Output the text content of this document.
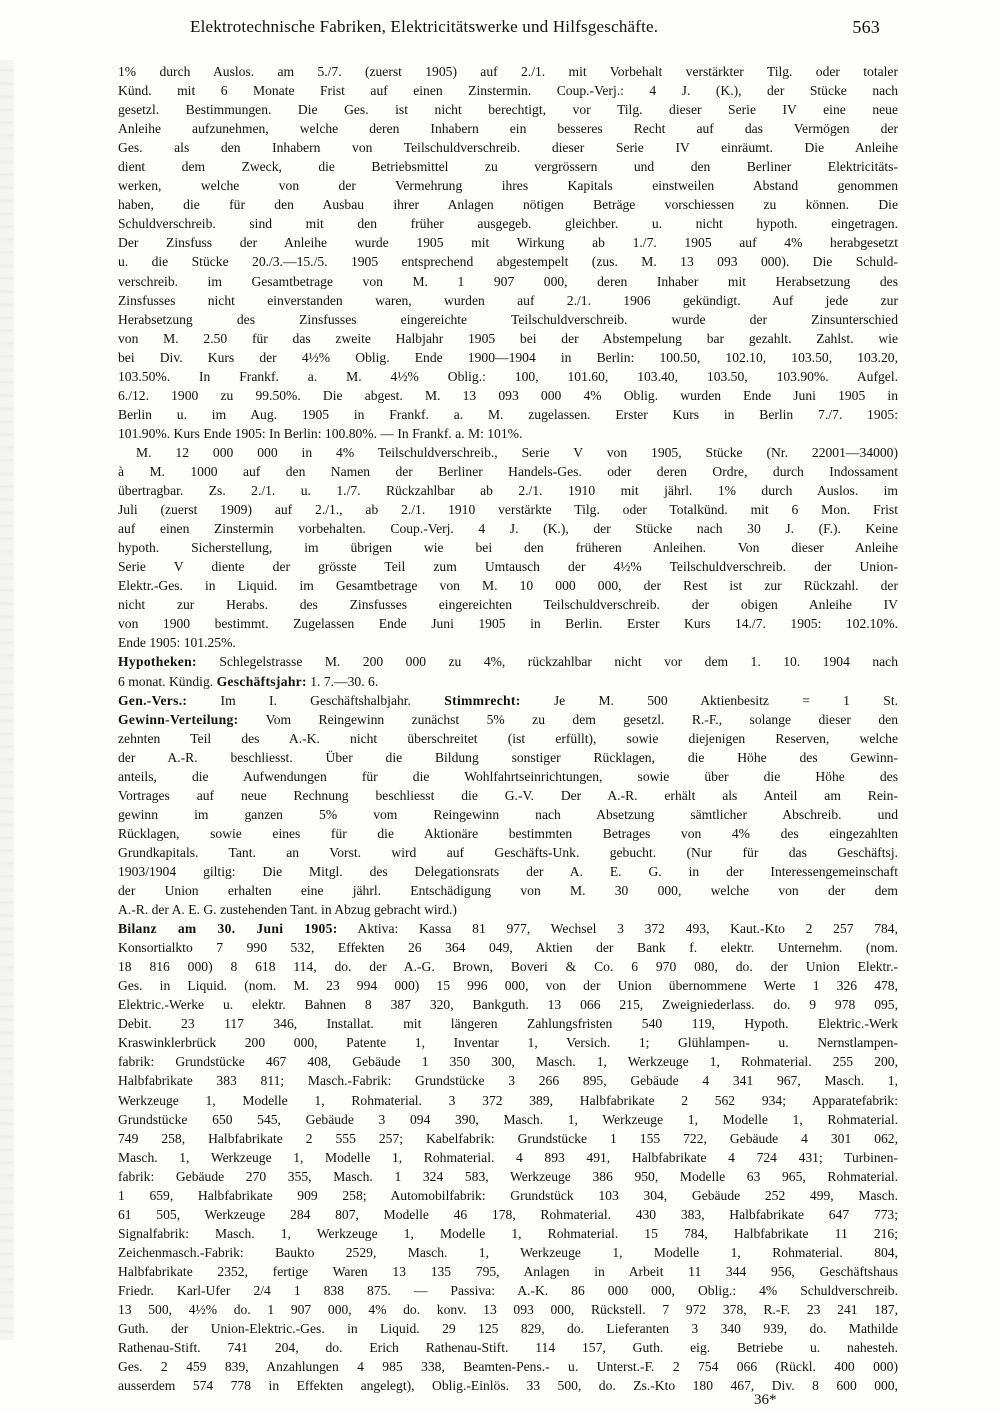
Elektrotechnische Fabriken, Elektricitätswerke und Hilfsgeschäfte.	563

1% durch Auslos. am 5./7. (zuerst 1905) auf 2./1. mit Vorbehalt verstärkter Tilg. oder totaler

Künd. mit 6 Monate Frist auf einen Zinstermin. Coup.-Verj.: 4 J. (K.), der Stücke nach

gesetzl. Bestimmungen. Die Ges. ist nicht berechtigt, vor Tilg. dieser Serie IV eine neue

Anleihe aufzunehmen, welche deren Inhabern ein besseres Recht auf das Vermögen der

Ges. als den Inhabern von Teilschuldverschreib. dieser Serie IV einräumt. Die Anleihe

dient dem Zweck, die Betriebsmittel zu vergrössern und den Berliner Elektricitäts-

werken, welche von der Vermehrung ihres Kapitals einstweilen Abstand genommen

haben, die für den Ausbau ihrer Anlagen nötigen Beträge vorschiessen zu können. Die

Schuldverschreib. sind mit den früher ausgegeb. gleichber. u. nicht hypoth. eingetragen.

Der Zinsfuss der Anleihe wurde 1905 mit Wirkung ab 1./7. 1905 auf 4% herabgesetzt

u. die Stücke 20./3.—15./5. 1905 entsprechend abgestempelt (zus. M. 13 093 000). Die Schuld-

verschreib. im Gesamtbetrage von M. 1 907 000, deren Inhaber mit Herabsetzung des

Zinsfusses nicht einverstanden waren, wurden auf 2./1. 1906 gekündigt. Auf jede zur

Herabsetzung des Zinsfusses eingereichte Teilschuldverschreib. wurde der Zinsunterschied

von M. 2.50 für das zweite Halbjahr 1905 bei der Abstempelung bar gezahlt. Zahlst. wie

bei Div. Kurs der 4½% Oblig. Ende 1900—1904 in Berlin: 100.50, 102.10, 103.50, 103.20,

103.50%. In Frankf. a. M. 4½% Oblig.: 100, 101.60, 103.40, 103.50, 103.90%. Aufgel.

6./12. 1900 zu 99.50%. Die abgest. M. 13 093 000 4% Oblig. wurden Ende Juni 1905 in

Berlin u. im Aug. 1905 in Frankf. a. M. zugelassen. Erster Kurs in Berlin 7./7. 1905:

101.90%. Kurs Ende 1905: In Berlin: 100.80%. — In Frankf. a. M: 101%.

M. 12 000 000 in 4% Teilschuldverschreib., Serie V von 1905, Stücke (Nr. 22001—34000)

à M. 1000 auf den Namen der Berliner Handels-Ges. oder deren Ordre, durch Indossament

übertragbar. Zs. 2./1. u. 1./7. Rückzahlbar ab 2./1. 1910 mit jährl. 1% durch Auslos. im

Juli (zuerst 1909) auf 2./1., ab 2./1. 1910 verstärkte Tilg. oder Totalkünd. mit 6 Mon. Frist

auf einen Zinstermin vorbehalten. Coup.-Verj. 4 J. (K.), der Stücke nach 30 J. (F.). Keine

hypoth. Sicherstellung, im übrigen wie bei den früheren Anleihen. Von dieser Anleihe

Serie V diente der grösste Teil zum Umtausch der 4½% Teilschuldverschreib. der Union-

Elektr.-Ges. in Liquid. im Gesamtbetrage von M. 10 000 000, der Rest ist zur Rückzahl. der

nicht zur Herabs. des Zinsfusses eingereichten Teilschuldverschreib. der obigen Anleihe IV

von 1900 bestimmt. Zugelassen Ende Juni 1905 in Berlin. Erster Kurs 14./7. 1905: 102.10%.

Ende 1905: 101.25%.

Hypotheken: Schlegelstrasse M. 200 000 zu 4%, rückzahlbar nicht vor dem 1. 10. 1904 nach

6 monat. Kündig. Geschäftsjahr: 1. 7.—30. 6.

Gen.-Vers.: Im I. Geschäftshalbjahr. Stimmrecht: Je M. 500 Aktienbesitz = 1 St.

Gewinn-Verteilung: Vom Reingewinn zunächst 5% zu dem gesetzl. R.-F., solange dieser den

zehnten Teil des A.-K. nicht überschreitet (ist erfüllt), sowie diejenigen Reserven, welche

der A.-R. beschliesst. Über die Bildung sonstiger Rücklagen, die Höhe des Gewinn-

anteils, die Aufwendungen für die Wohlfahrtseinrichtungen, sowie über die Höhe des

Vortrages auf neue Rechnung beschliesst die G.-V. Der A.-R. erhält als Anteil am Rein-

gewinn im ganzen 5% vom Reingewinn nach Absetzung sämtlicher Abschreib. und

Rücklagen, sowie eines für die Aktionäre bestimmten Betrages von 4% des eingezahlten

Grundkapitals. Tant. an Vorst. wird auf Geschäfts-Unk. gebucht. (Nur für das Geschäftsj.

1903/1904 giltig: Die Mitgl. des Delegationsrats der A. E. G. in der Interessengemeinschaft

der Union erhalten eine jährl. Entschädigung von M. 30 000, welche von der dem

A.-R. der A. E. G. zustehenden Tant. in Abzug gebracht wird.)

Bilanz am 30. Juni 1905: Aktiva: Kassa 81 977, Wechsel 3 372 493, Kaut.-Kto 2 257 784,

Konsortialkto 7 990 532, Effekten 26 364 049, Aktien der Bank f. elektr. Unternehm. (nom.

18 816 000) 8 618 114, do. der A.-G. Brown, Boveri & Co. 6 970 080, do. der Union Elektr.-

Ges. in Liquid. (nom. M. 23 994 000) 15 996 000, von der Union übernommene Werte 1 326 478,

Elektric.-Werke u. elektr. Bahnen 8 387 320, Bankguth. 13 066 215, Zweigniederlass. do. 9 978 095,

Debit. 23 117 346, Installat. mit längeren Zahlungsfristen 540 119, Hypoth. Elektric.-Werk

Kraswinklerbrück 200 000, Patente 1, Inventar 1, Versich. 1; Glühlampen- u. Nernstlampen-

fabrik: Grundstücke 467 408, Gebäude 1 350 300, Masch. 1, Werkzeuge 1, Rohmaterial. 255 200,

Halbfabrikate 383 811; Masch.-Fabrik: Grundstücke 3 266 895, Gebäude 4 341 967, Masch. 1,

Werkzeuge 1, Modelle 1, Rohmaterial. 3 372 389, Halbfabrikate 2 562 934; Apparatefabrik:

Grundstücke 650 545, Gebäude 3 094 390, Masch. 1, Werkzeuge 1, Modelle 1, Rohmaterial.

749 258, Halbfabrikate 2 555 257; Kabelfabrik: Grundstücke 1 155 722, Gebäude 4 301 062,

Masch. 1, Werkzeuge 1, Modelle 1, Rohmaterial. 4 893 491, Halbfabrikate 4 724 431; Turbinen-

fabrik: Gebäude 270 355, Masch. 1 324 583, Werkzeuge 386 950, Modelle 63 965, Rohmaterial.

1 659, Halbfabrikate 909 258; Automobilfabrik: Grundstück 103 304, Gebäude 252 499, Masch.

61 505, Werkzeuge 284 807, Modelle 46 178, Rohmaterial. 430 383, Halbfabrikate 647 773;

Signalfabrik: Masch. 1, Werkzeuge 1, Modelle 1, Rohmaterial. 15 784, Halbfabrikate 11 216;

Zeichenmasch.-Fabrik: Baukto 2529, Masch. 1, Werkzeuge 1, Modelle 1, Rohmaterial. 804,

Halbfabrikate 2352, fertige Waren 13 135 795, Anlagen in Arbeit 11 344 956, Geschäftshaus

Friedr. Karl-Ufer 2/4 1 838 875. — Passiva: A.-K. 86 000 000, Oblig.: 4% Schuldverschreib.

13 500, 4½% do. 1 907 000, 4% do. konv. 13 093 000, Rückstell. 7 972 378, R.-F. 23 241 187,

Guth. der Union-Elektric.-Ges. in Liquid. 29 125 829, do. Lieferanten 3 340 939, do. Mathilde

Rathenau-Stift. 741 204, do. Erich Rathenau-Stift. 114 157, Guth. eig. Betriebe u. nahesteh.

Ges. 2 459 839, Anzahlungen 4 985 338, Beamten-Pens.- u. Unterst.-F. 2 754 066 (Rückl. 400 000)

ausserdem 574 778 in Effekten angelegt), Oblig.-Einlös. 33 500, do. Zs.-Kto 180 467, Div. 8 600 000,

36*
